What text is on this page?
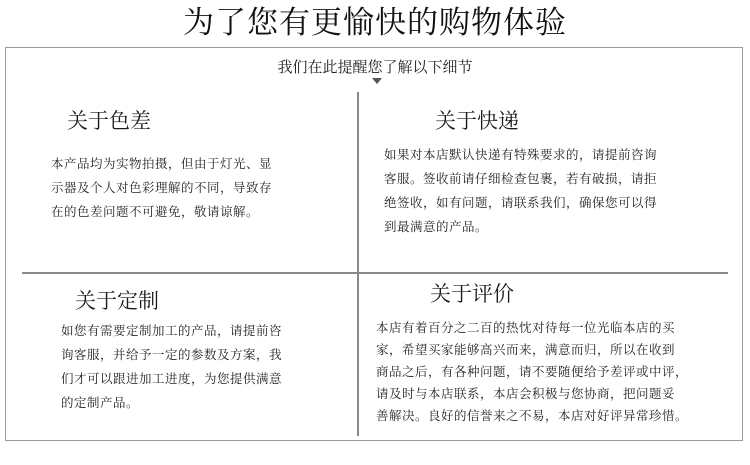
为了您有更愉快的购物体验
我们在此提醒您了解以下细节
关于色差
本产品均为实物拍摄，但由于灯光、显
示器及个人对色彩理解的不同，导致存
在的色差问题不可避免，敬请谅解。
关于快递
如果对本店默认快递有特殊要求的，请提前咨询
客服。签收前请仔细检查包裹，若有破损，请拒
绝签收，如有问题，请联系我们，确保您可以得
到最满意的产品。
关于定制
如您有需要定制加工的产品，请提前咨
询客服，并给予一定的参数及方案，我
们才可以跟进加工进度，为您提供满意
的定制产品。
关于评价
本店有着百分之二百的热忱对待每一位光临本店的买
家，希望买家能够高兴而来，满意而归，所以在收到
商品之后，有各种问题，请不要随便给予差评或中评，
请及时与本店联系，本店会积极与您协商，把问题妥
善解决。良好的信誉来之不易，本店对好评异常珍惜。
